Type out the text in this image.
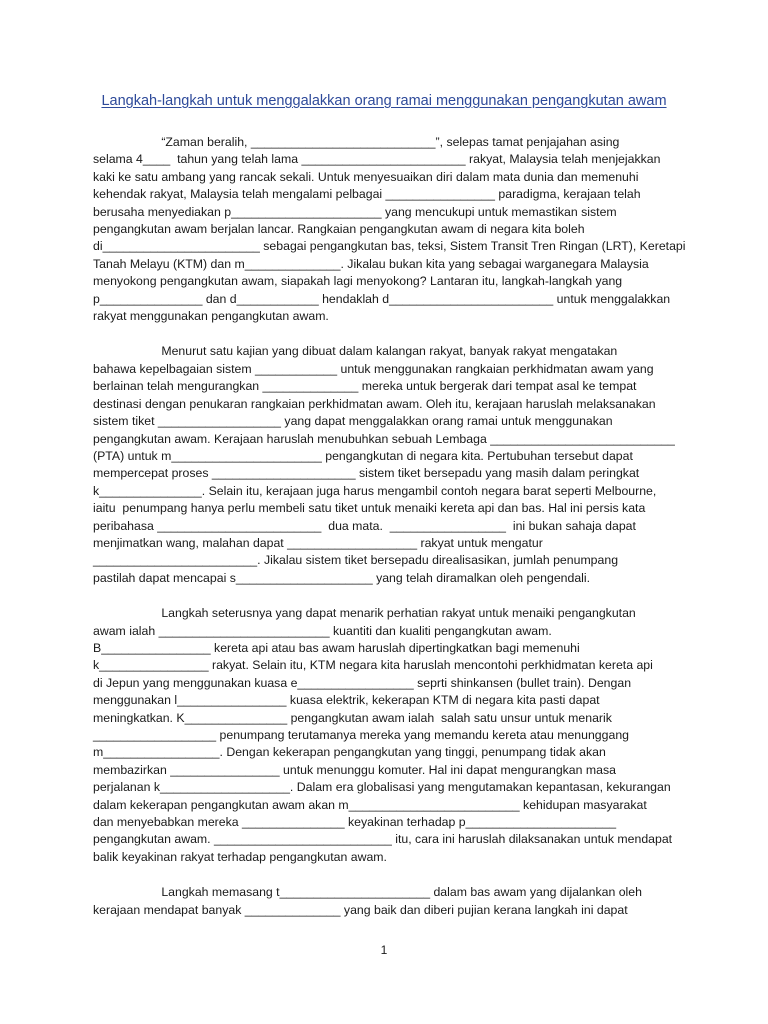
Langkah-langkah untuk menggalakkan orang ramai menggunakan pengangkutan awam
“Zaman beralih, ___________________________”, selepas tamat penjajahan asing
selama 4____  tahun yang telah lama ________________________ rakyat, Malaysia telah menjejakkan
kaki ke satu ambang yang rancak sekali. Untuk menyesuaikan diri dalam mata dunia dan memenuhi
kehendak rakyat, Malaysia telah mengalami pelbagai ________________ paradigma, kerajaan telah
berusaha menyediakan p______________________ yang mencukupi untuk memastikan sistem
pengangkutan awam berjalan lancar. Rangkaian pengangkutan awam di negara kita boleh
di_______________________ sebagai pengangkutan bas, teksi, Sistem Transit Tren Ringan (LRT), Keretapi
Tanah Melayu (KTM) dan m______________. Jikalau bukan kita yang sebagai warganegara Malaysia
menyokong pengangkutan awam, siapakah lagi menyokong? Lantaran itu, langkah-langkah yang
p_______________ dan d____________ hendaklah d________________________ untuk menggalakkan
rakyat menggunakan pengangkutan awam.
Menurut satu kajian yang dibuat dalam kalangan rakyat, banyak rakyat mengatakan
bahawa kepelbagaian sistem ____________ untuk menggunakan rangkaian perkhidmatan awam yang
berlainan telah mengurangkan ______________ mereka untuk bergerak dari tempat asal ke tempat
destinasi dengan penukaran rangkaian perkhidmatan awam. Oleh itu, kerajaan haruslah melaksanakan
sistem tiket __________________ yang dapat menggalakkan orang ramai untuk menggunakan
pengangkutan awam. Kerajaan haruslah menubuhkan sebuah Lembaga ___________________________
(PTA) untuk m______________________ pengangkutan di negara kita. Pertubuhan tersebut dapat
mempercepat proses _____________________ sistem tiket bersepadu yang masih dalam peringkat
k_______________. Selain itu, kerajaan juga harus mengambil contoh negara barat seperti Melbourne,
iaitu  penumpang hanya perlu membeli satu tiket untuk menaiki kereta api dan bas. Hal ini persis kata
peribahasa ________________________  dua mata.  _________________  ini bukan sahaja dapat
menjimatkan wang, malahan dapat ___________________ rakyat untuk mengatur
________________________. Jikalau sistem tiket bersepadu direalisasikan, jumlah penumpang
pastilah dapat mencapai s____________________ yang telah diramalkan oleh pengendali.
Langkah seterusnya yang dapat menarik perhatian rakyat untuk menaiki pengangkutan
awam ialah _________________________ kuantiti dan kualiti pengangkutan awam.
B________________ kereta api atau bas awam haruslah dipertingkatkan bagi memenuhi
k________________ rakyat. Selain itu, KTM negara kita haruslah mencontohi perkhidmatan kereta api
di Jepun yang menggunakan kuasa e_________________ seprti shinkansen (bullet train). Dengan
menggunakan l________________ kuasa elektrik, kekerapan KTM di negara kita pasti dapat
meningkatkan. K_______________ pengangkutan awam ialah  salah satu unsur untuk menarik
__________________ penumpang terutamanya mereka yang memandu kereta atau menunggang
m_________________. Dengan kekerapan pengangkutan yang tinggi, penumpang tidak akan
membazirkan ________________ untuk menunggu komuter. Hal ini dapat mengurangkan masa
perjalanan k___________________. Dalam era globalisasi yang mengutamakan kepantasan, kekurangan
dalam kekerapan pengangkutan awam akan m_________________________ kehidupan masyarakat
dan menyebabkan mereka _______________ keyakinan terhadap p______________________
pengangkutan awam. __________________________ itu, cara ini haruslah dilaksanakan untuk mendapat
balik keyakinan rakyat terhadap pengangkutan awam.
Langkah memasang t______________________ dalam bas awam yang dijalankan oleh
kerajaan mendapat banyak ______________ yang baik dan diberi pujian kerana langkah ini dapat
1
